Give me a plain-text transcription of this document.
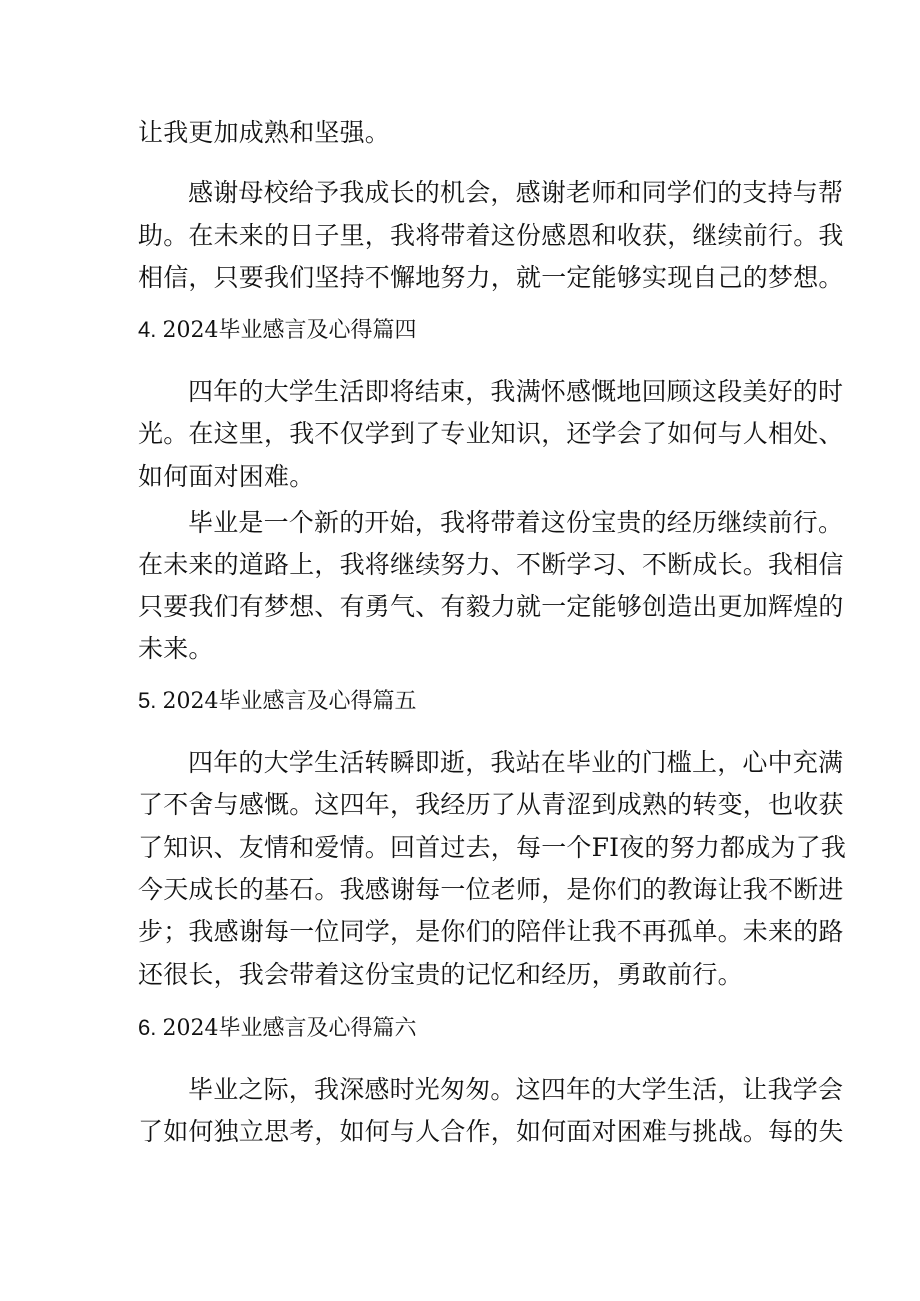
让我更加成熟和坚强。
感谢母校给予我成长的机会，感谢老师和同学们的支持与帮
助。在未来的日子里，我将带着这份感恩和收获，继续前行。我
相信，只要我们坚持不懈地努力，就一定能够实现自己的梦想。
4. 2024毕业感言及心得篇四
四年的大学生活即将结束，我满怀感慨地回顾这段美好的时
光。在这里，我不仅学到了专业知识，还学会了如何与人相处、
如何面对困难。
毕业是一个新的开始，我将带着这份宝贵的经历继续前行。
在未来的道路上，我将继续努力、不断学习、不断成长。我相信
只要我们有梦想、有勇气、有毅力就一定能够创造出更加辉煌的
未来。
5. 2024毕业感言及心得篇五
四年的大学生活转瞬即逝，我站在毕业的门槛上，心中充满
了不舍与感慨。这四年，我经历了从青涩到成熟的转变，也收获
了知识、友情和爱情。回首过去，每一个FI夜的努力都成为了我
今天成长的基石。我感谢每一位老师，是你们的教诲让我不断进
步；我感谢每一位同学，是你们的陪伴让我不再孤单。未来的路
还很长，我会带着这份宝贵的记忆和经历，勇敢前行。
6. 2024毕业感言及心得篇六
毕业之际，我深感时光匆匆。这四年的大学生活，让我学会
了如何独立思考，如何与人合作，如何面对困难与挑战。每的失
